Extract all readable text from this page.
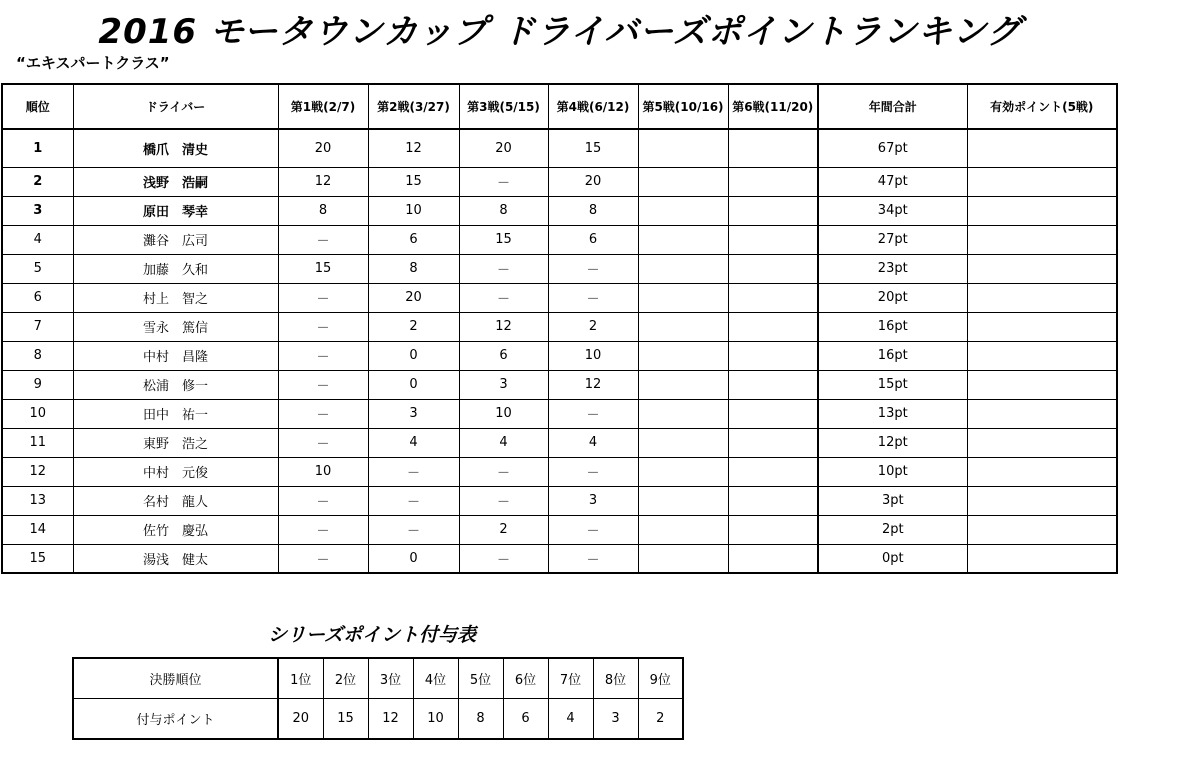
2016 モータウンカップ ドライバーズポイントランキング
“エキスパートクラス”
順位	ドライバー	第1戦(2/7)	第2戦(3/27)	第3戦(5/15)	第4戦(6/12)	第5戦(10/16)	第6戦(11/20)	年間合計	有効ポイント(5戦)
1	橋爪　清史	20	12	20	15			67pt	
2	浅野　浩嗣	12	15	－	20			47pt	
3	原田　琴幸	8	10	8	8			34pt	
4	灘谷　広司	－	6	15	6			27pt	
5	加藤　久和	15	8	－	－			23pt	
6	村上　智之	－	20	－	－			20pt	
7	雪永　篤信	－	2	12	2			16pt	
8	中村　昌隆	－	0	6	10			16pt	
9	松浦　修一	－	0	3	12			15pt	
10	田中　祐一	－	3	10	－			13pt	
11	東野　浩之	－	4	4	4			12pt	
12	中村　元俊	10	－	－	－			10pt	
13	名村　龍人	－	－	－	3			3pt	
14	佐竹　慶弘	－	－	2	－			2pt	
15	湯浅　健太	－	0	－	－			0pt	
シリーズポイント付与表
決勝順位	1位	2位	3位	4位	5位	6位	7位	8位	9位
付与ポイント	20	15	12	10	8	6	4	3	2
